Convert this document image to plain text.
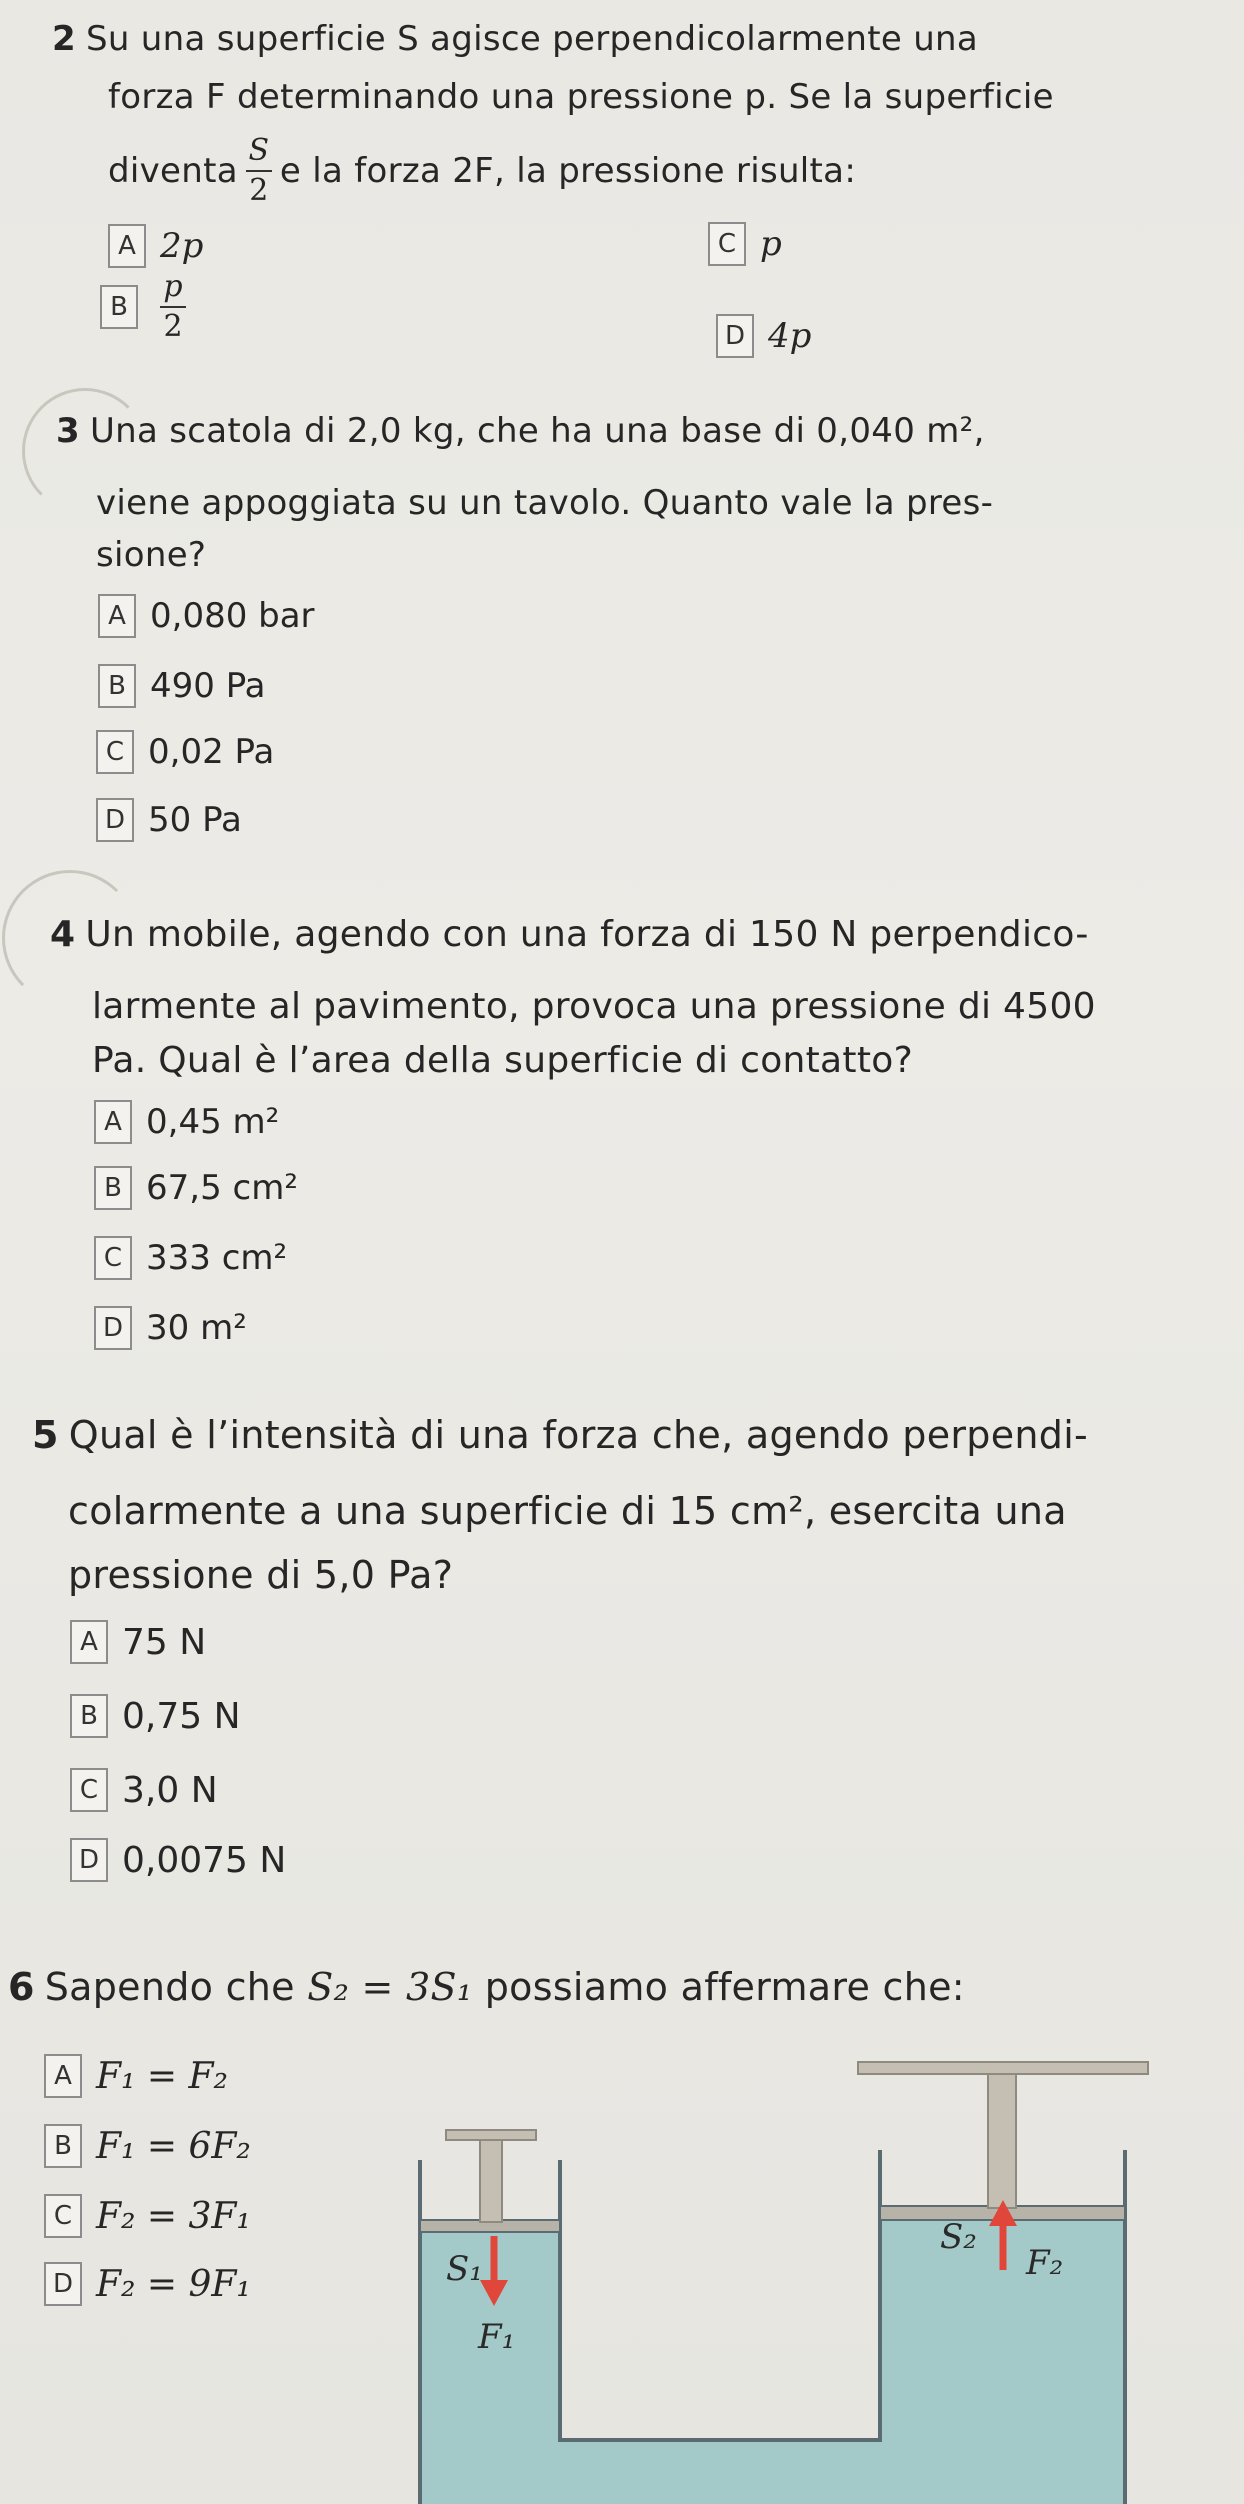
2 Su una superficie S agisce perpendicolarmente una
forza F determinando una pressione p. Se la superficie
diventa $\frac{S}{2}$ e la forza 2F, la pressione risulta:
A 2p	C p
B	$\frac{p}{2}$	D 4p
3 Una scatola di 2,0 kg, che ha una base di 0,040 m²,
viene appoggiata su un tavolo. Quanto vale la pres-
sione?
A 0,080 bar
B 490 Pa
C 0,02 Pa
D 50 Pa
4 Un mobile, agendo con una forza di 150 N perpendico-
larmente al pavimento, provoca una pressione di 4500
Pa. Qual è l’area della superficie di contatto?
A 0,45 m²
B 67,5 cm²
C 333 cm²
D 30 m²
5 Qual è l’intensità di una forza che, agendo perpendi-
colarmente a una superficie di 15 cm², esercita una
pressione di 5,0 Pa?
A 75 N
B 0,75 N
C 3,0 N
D 0,0075 N
6 Sapendo che
S₂ = 3S₁
possiamo affermare che:
A F₁ = F₂
B F₁ = 6F₂
C F₂ = 3F₁
D F₂ = 9F₁	S₁
F₁
S₂
F₂
